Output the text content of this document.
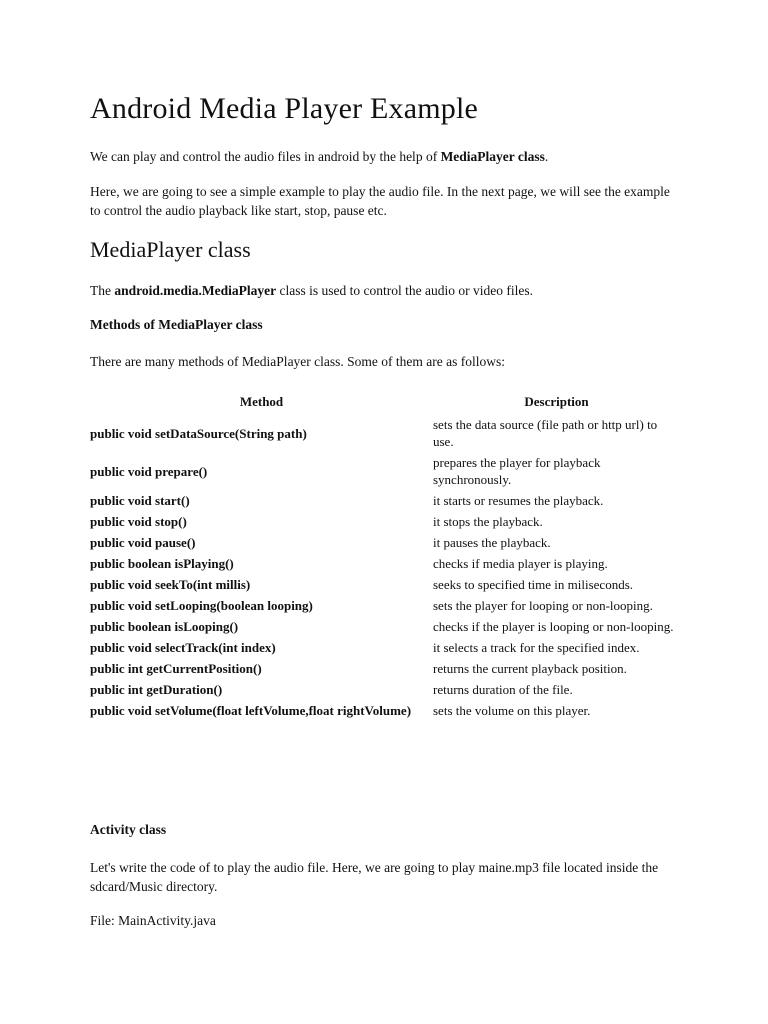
Android Media Player Example

We can play and control the audio files in android by the help of MediaPlayer class.

Here, we are going to see a simple example to play the audio file. In the next page, we will see the example to control the audio playback like start, stop, pause etc.

MediaPlayer class

The android.media.MediaPlayer class is used to control the audio or video files.

Methods of MediaPlayer class

There are many methods of MediaPlayer class. Some of them are as follows:

Method	Description
public void setDataSource(String path)	sets the data source (file path or http url) to use.
public void prepare()	prepares the player for playback synchronously.
public void start()	it starts or resumes the playback.
public void stop()	it stops the playback.
public void pause()	it pauses the playback.
public boolean isPlaying()	checks if media player is playing.
public void seekTo(int millis)	seeks to specified time in miliseconds.
public void setLooping(boolean looping)	sets the player for looping or non-looping.
public boolean isLooping()	checks if the player is looping or non-looping.
public void selectTrack(int index)	it selects a track for the specified index.
public int getCurrentPosition()	returns the current playback position.
public int getDuration()	returns duration of the file.
public void setVolume(float leftVolume,float rightVolume)	sets the volume on this player.

Activity class

Let's write the code of to play the audio file. Here, we are going to play maine.mp3 file located inside the sdcard/Music directory.

File: MainActivity.java
